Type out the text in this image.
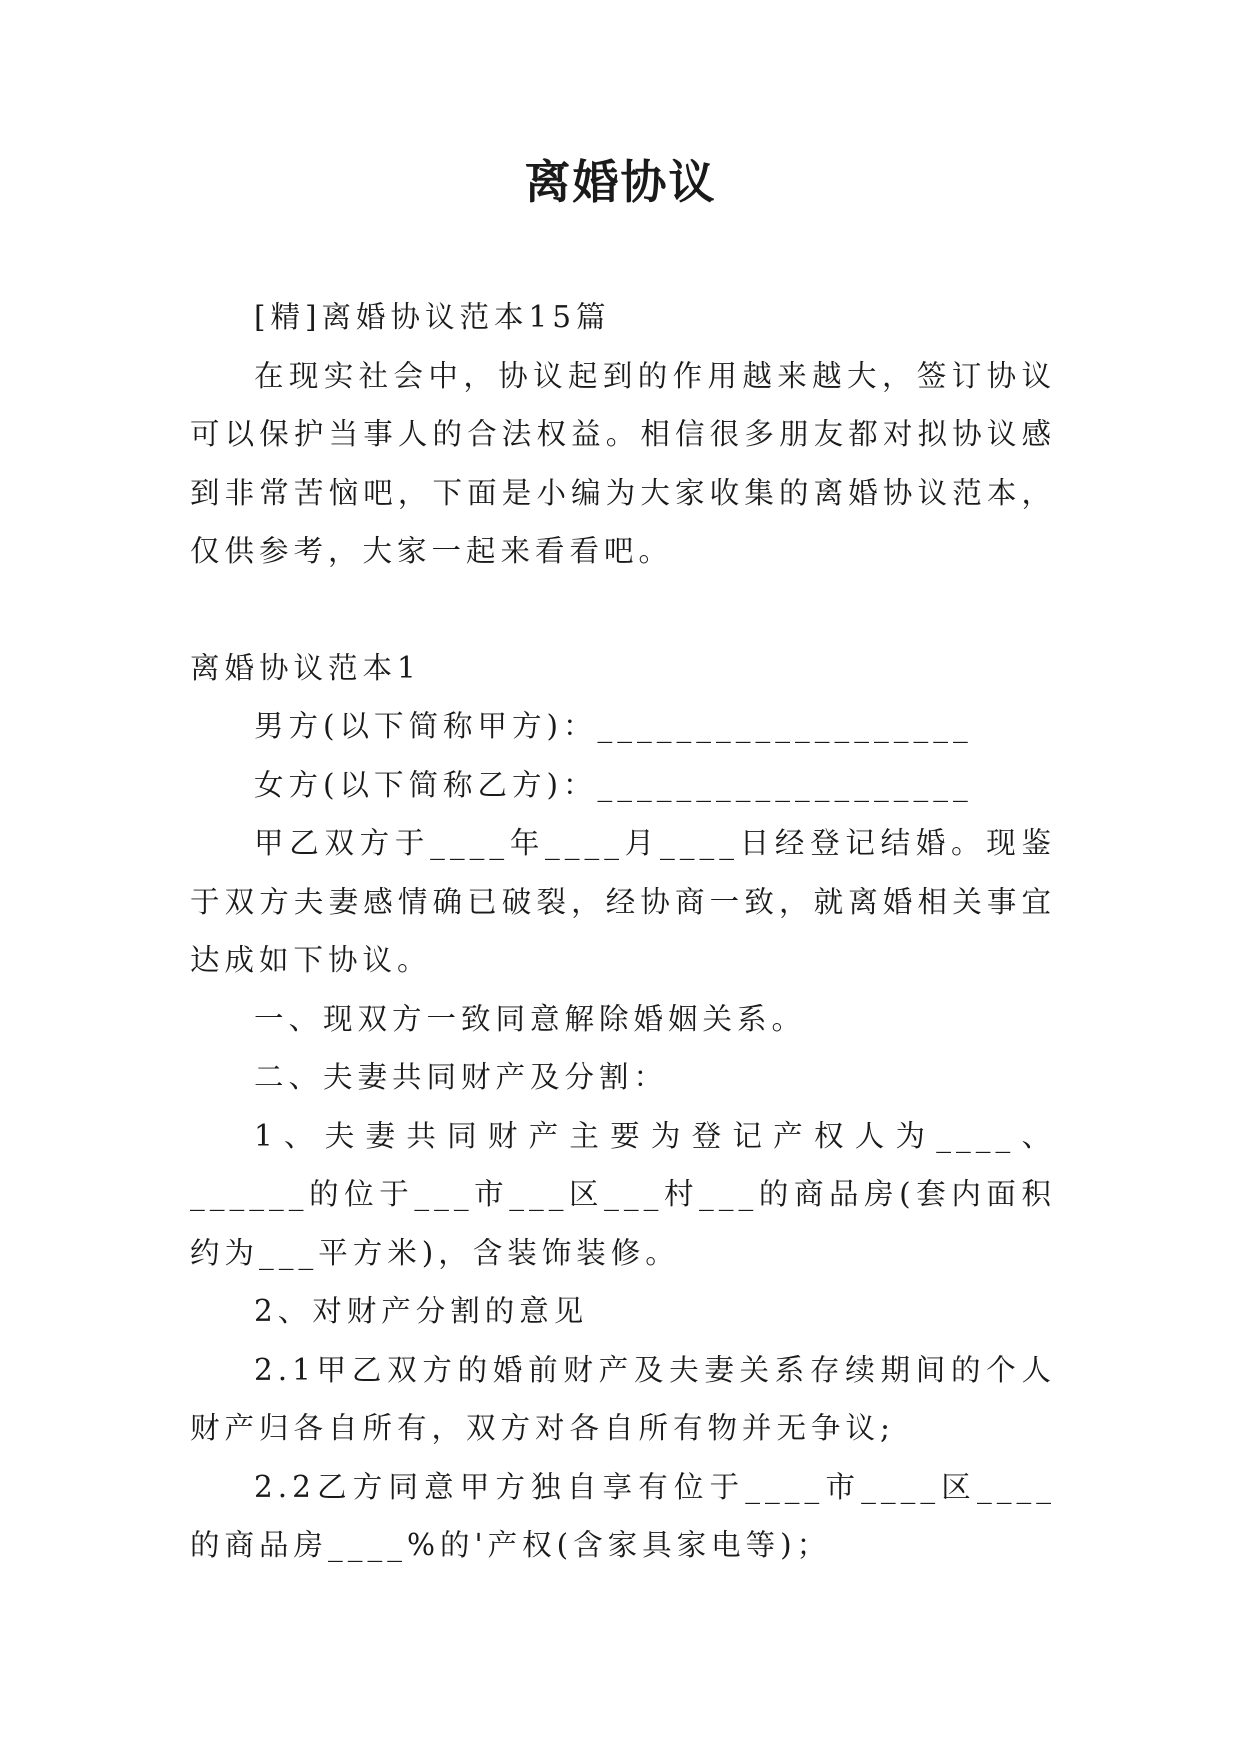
离婚协议

[精]离婚协议范本15篇

在现实社会中，协议起到的作用越来越大，签订协议可以保护当事人的合法权益。相信很多朋友都对拟协议感到非常苦恼吧，下面是小编为大家收集的离婚协议范本，仅供参考，大家一起来看看吧。

离婚协议范本1

男方(以下简称甲方)：___________________

女方(以下简称乙方)：___________________

甲乙双方于____年____月____日经登记结婚。现鉴于双方夫妻感情确已破裂，经协商一致，就离婚相关事宜达成如下协议。

一、现双方一致同意解除婚姻关系。

二、夫妻共同财产及分割：

1、夫妻共同财产主要为登记产权人为____、______的位于___市___区___村___的商品房(套内面积约为___平方米)，含装饰装修。

2、对财产分割的意见

2.1甲乙双方的婚前财产及夫妻关系存续期间的个人财产归各自所有，双方对各自所有物并无争议;

2.2乙方同意甲方独自享有位于____市____区____的商品房____%的'产权(含家具家电等)；
